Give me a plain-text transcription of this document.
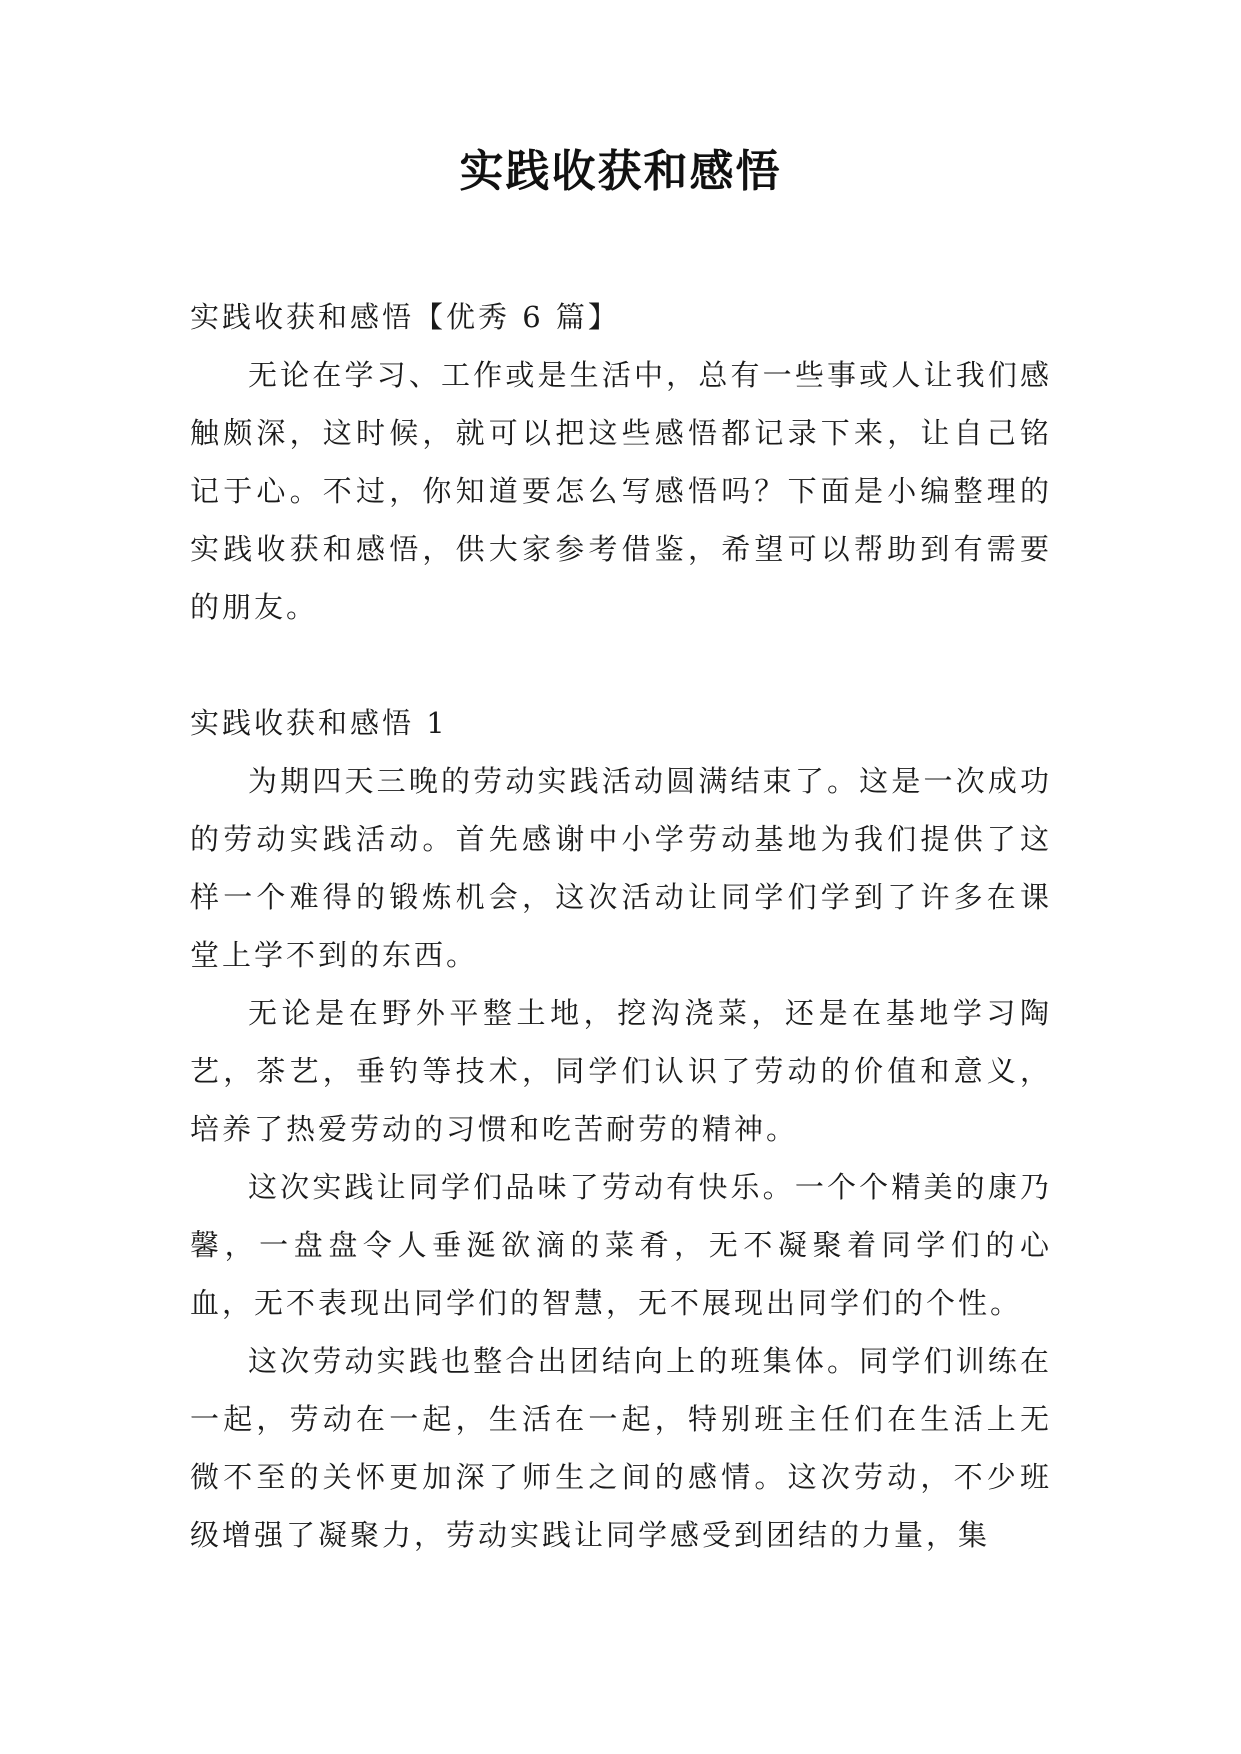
实践收获和感悟

实践收获和感悟【优秀 6 篇】

无论在学习、工作或是生活中，总有一些事或人让我们感触颇深，这时候，就可以把这些感悟都记录下来，让自己铭记于心。不过，你知道要怎么写感悟吗？下面是小编整理的实践收获和感悟，供大家参考借鉴，希望可以帮助到有需要的朋友。

实践收获和感悟 1

为期四天三晚的劳动实践活动圆满结束了。这是一次成功的劳动实践活动。首先感谢中小学劳动基地为我们提供了这样一个难得的锻炼机会，这次活动让同学们学到了许多在课堂上学不到的东西。

无论是在野外平整土地，挖沟浇菜，还是在基地学习陶艺，茶艺，垂钓等技术，同学们认识了劳动的价值和意义，培养了热爱劳动的习惯和吃苦耐劳的精神。

这次实践让同学们品味了劳动有快乐。一个个精美的康乃馨，一盘盘令人垂涎欲滴的菜肴，无不凝聚着同学们的心血，无不表现出同学们的智慧，无不展现出同学们的个性。

这次劳动实践也整合出团结向上的班集体。同学们训练在一起，劳动在一起，生活在一起，特别班主任们在生活上无微不至的关怀更加深了师生之间的感情。这次劳动，不少班级增强了凝聚力，劳动实践让同学感受到团结的力量，集
